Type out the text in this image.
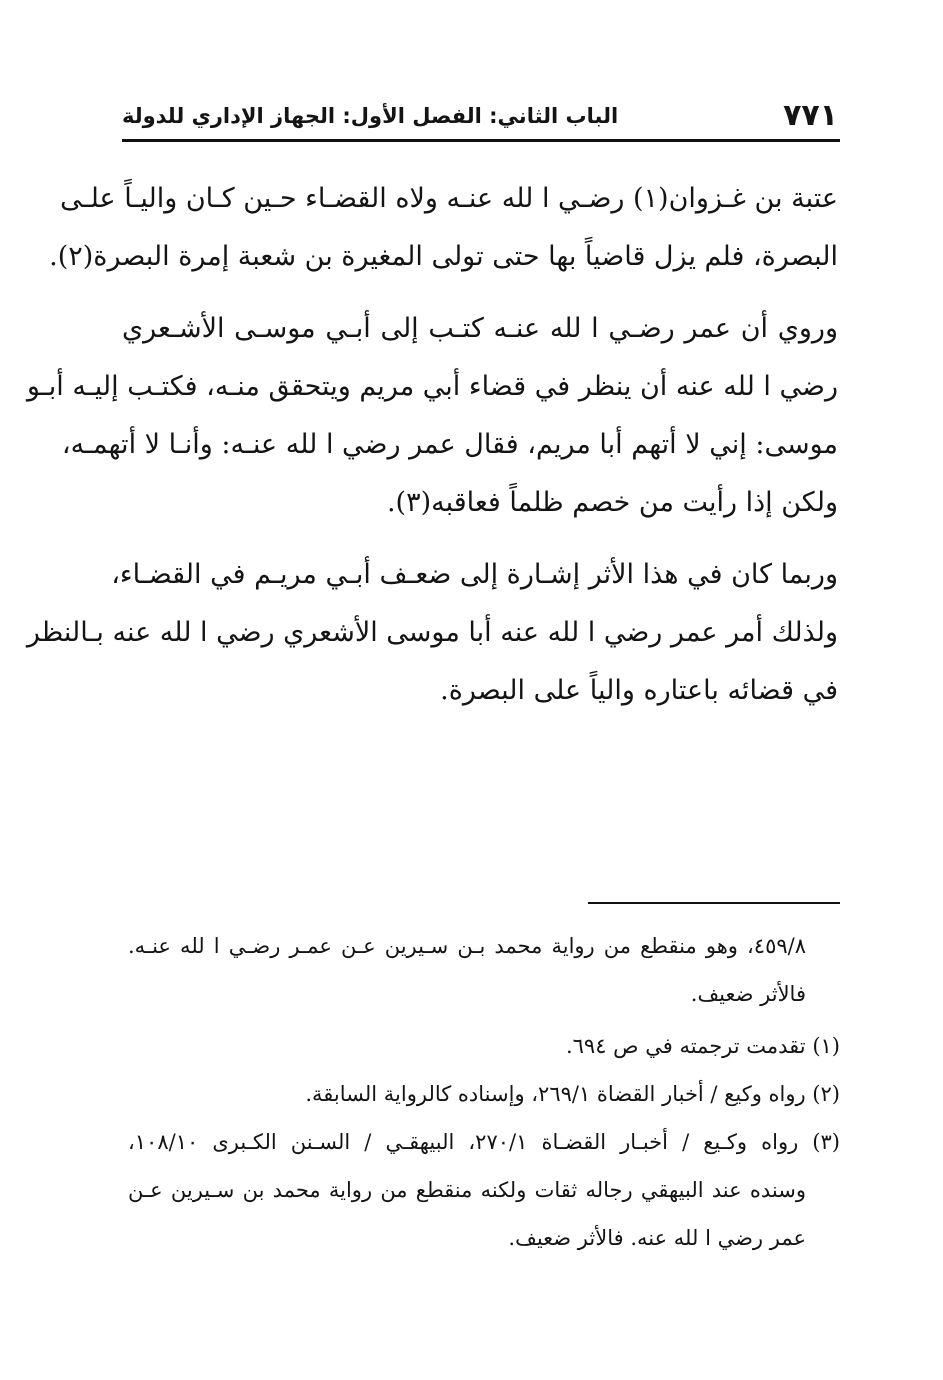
٧٧١
الباب الثاني: الفصل الأول: الجهاز الإداري للدولة
عتبة بن غـزوان(١) رضـي ا لله عنـه ولاه القضـاء حـين كـان واليـاً علـى
البصرة، فلم يزل قاضياً بها حتى تولى المغيرة بن شعبة إمرة البصرة(٢).
وروي أن عمر رضـي ا لله عنـه كتـب إلى أبـي موسـى الأشـعري
رضي ا لله عنه أن ينظر في قضاء أبي مريم ويتحقق منـه، فكتـب إليـه أبـو
موسى: إني لا أتهم أبا مريم، فقال عمر رضي ا لله عنـه: وأنـا لا أتهمـه،
ولكن إذا رأيت من خصم ظلماً فعاقبه(٣).
وربما كان في هذا الأثر إشـارة إلى ضعـف أبـي مريـم في القضـاء،
ولذلك أمر عمر رضي ا لله عنه أبا موسى الأشعري رضي ا لله عنه بـالنظر
في قضائه باعتاره والياً على البصرة.
٤٥٩/٨، وهو منقطع من رواية محمد بـن سـيرين عـن عمـر رضـي ا لله عنـه.
فالأثر ضعيف.
(١) تقدمت ترجمته في ص ٦٩٤.
(٢) رواه وكيع / أخبار القضاة ٢٦٩/١، وإسناده كالرواية السابقة.
(٣) رواه وكـيع / أخبـار القضـاة ٢٧٠/١، البيهقـي / السـنن الكـبرى ١٠٨/١٠،
وسنده عند البيهقي رجاله ثقات ولكنه منقطع من رواية محمد بن سـيرين عـن
عمر رضي ا لله عنه. فالأثر ضعيف.
